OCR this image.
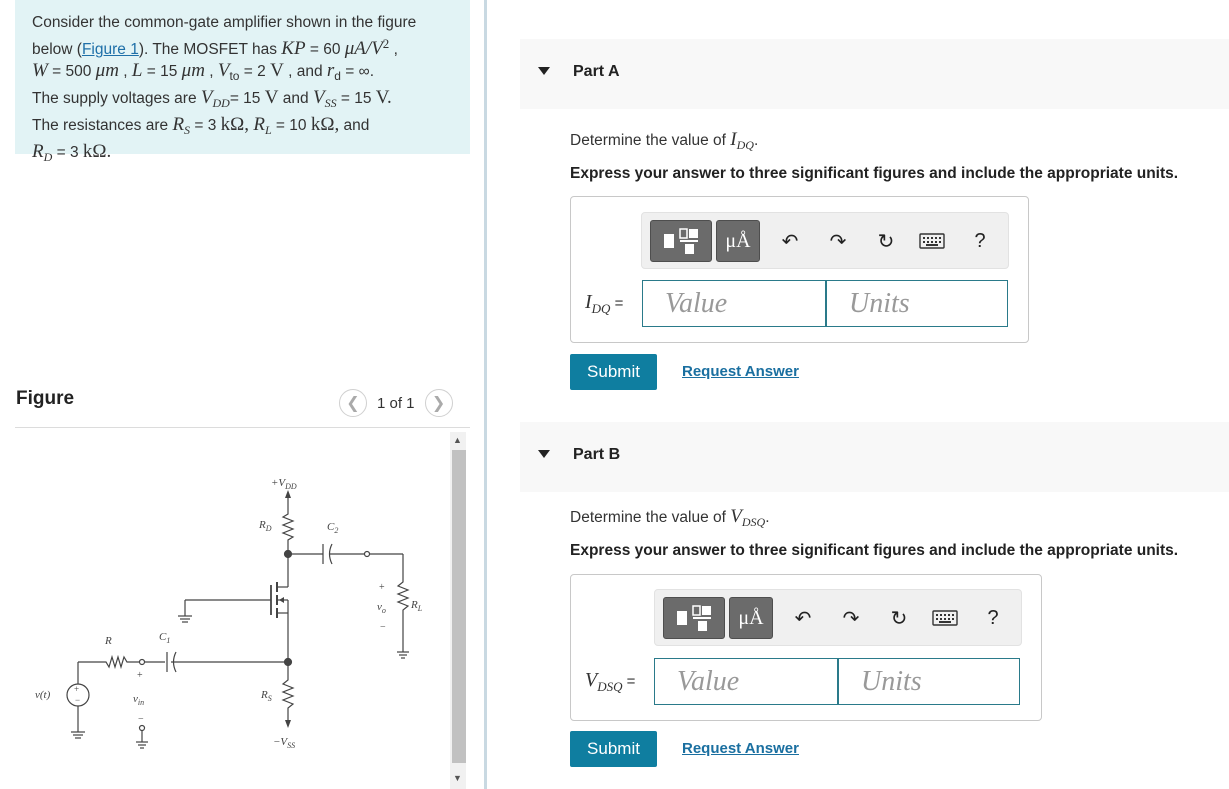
Consider the common-gate amplifier shown in the figure below (Figure 1). The MOSFET has KP = 60 $\mu A/V^2$ ,
W = 500 μm , L = 15 μm , $V_{to} = 2$ V , and $r_d$ = ∞.
The supply voltages are $V_{DD}= 15$ V and $V_{SS} = 15$ V.
The resistances are $R_S = 3$ kΩ, $R_L = 10$ kΩ, and
$R_D = 3$ kΩ.
Figure	❮	1 of 1	❯
$+V_{DD}$
$R_D$	$C_2$
+
$v_o$
−
$R_L$
R	$C_1$
+
$v_{in}$
−
v(t)	$R_S$
$-V_{SS}$
+
−
▲
▼
Part A
Determine the value of $I_{DQ}$.
Express your answer to three significant figures and include the appropriate units.
μÅ	↶ ↷ ↻	?
$I_{DQ}$ =	Value	Units
Submit	Request Answer
Part B
Determine the value of $V_{DSQ}$.
Express your answer to three significant figures and include the appropriate units.
μÅ	↶ ↷ ↻	?
$V_{DSQ}$ =	Value	Units
Submit	Request Answer
